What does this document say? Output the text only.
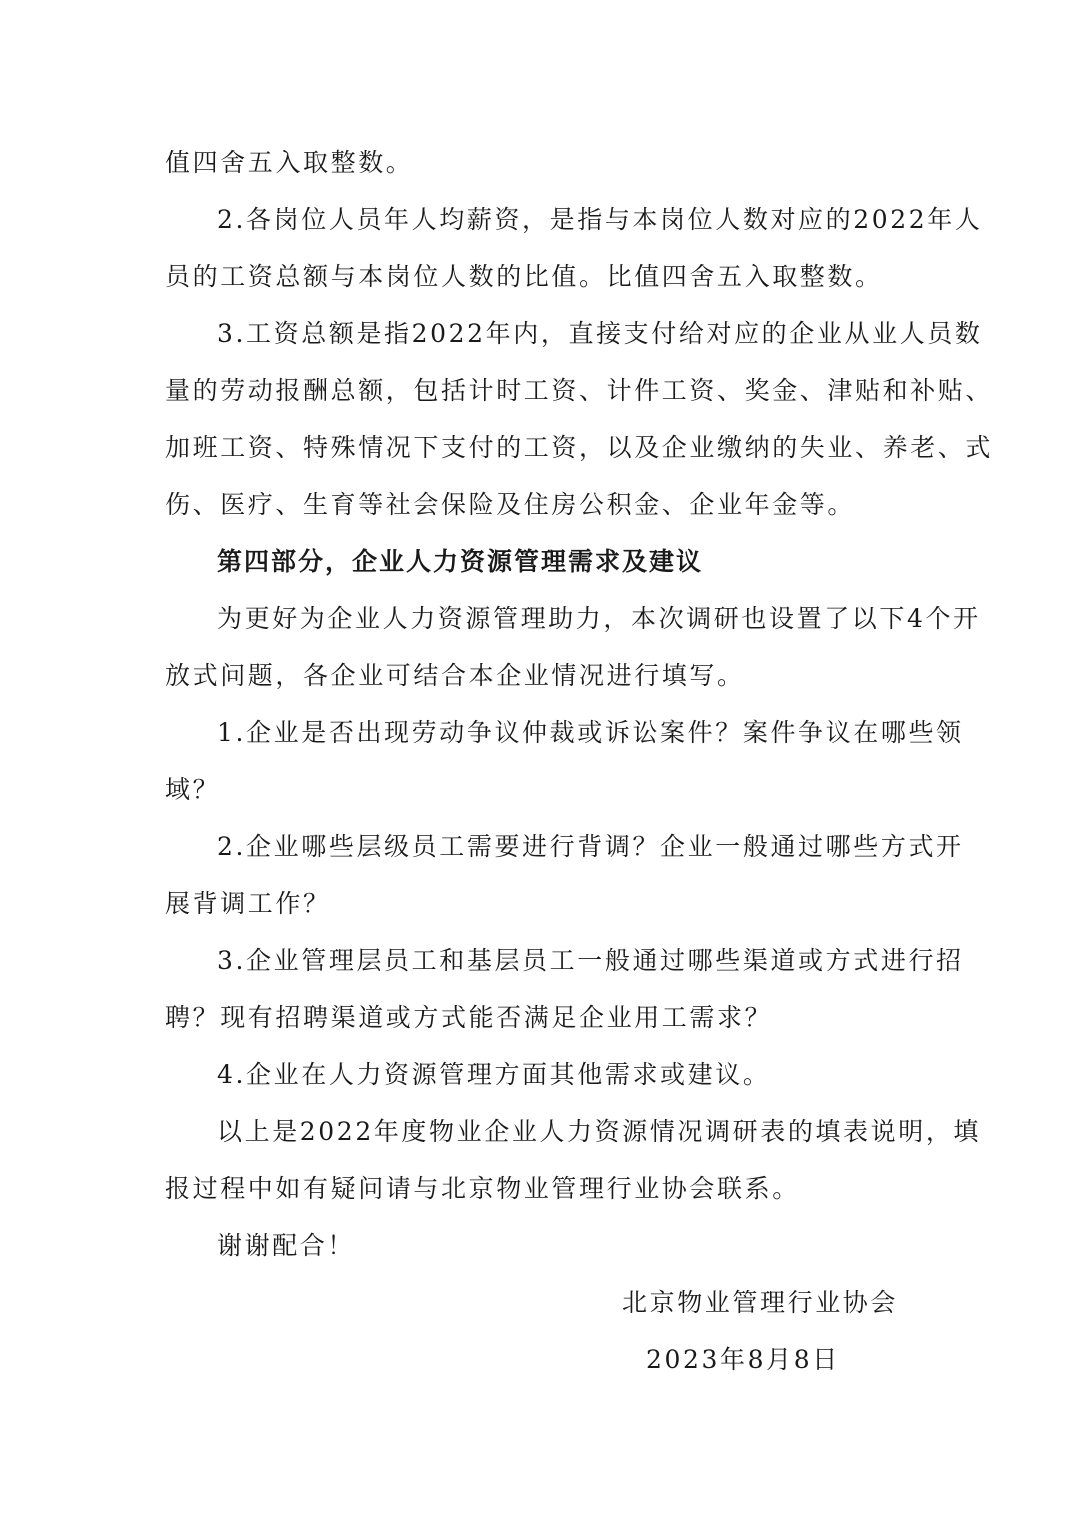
值四舍五入取整数。
2.各岗位人员年人均薪资，是指与本岗位人数对应的2022年人
员的工资总额与本岗位人数的比值。比值四舍五入取整数。
3.工资总额是指2022年内，直接支付给对应的企业从业人员数
量的劳动报酬总额，包括计时工资、计件工资、奖金、津贴和补贴、
加班工资、特殊情况下支付的工资，以及企业缴纳的失业、养老、式
伤、医疗、生育等社会保险及住房公积金、企业年金等。
第四部分，企业人力资源管理需求及建议
为更好为企业人力资源管理助力，本次调研也设置了以下4个开
放式问题，各企业可结合本企业情况进行填写。
1.企业是否出现劳动争议仲裁或诉讼案件？案件争议在哪些领
域？
2.企业哪些层级员工需要进行背调？企业一般通过哪些方式开
展背调工作？
3.企业管理层员工和基层员工一般通过哪些渠道或方式进行招
聘？现有招聘渠道或方式能否满足企业用工需求？
4.企业在人力资源管理方面其他需求或建议。
以上是2022年度物业企业人力资源情况调研表的填表说明，填
报过程中如有疑问请与北京物业管理行业协会联系。
谢谢配合！
北京物业管理行业协会
2023年8月8日
